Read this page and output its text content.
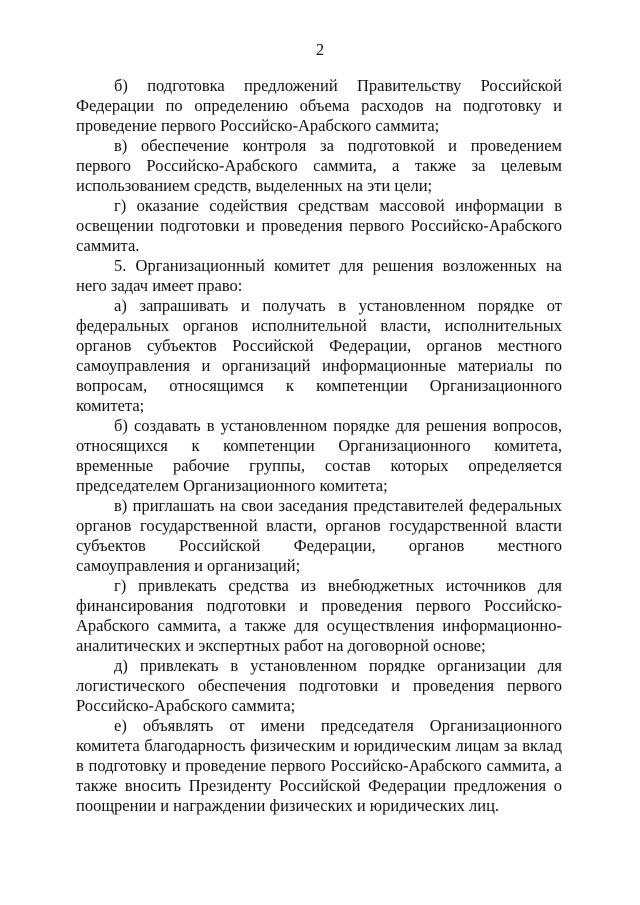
2

б) подготовка предложений Правительству Российской Федерации по определению объема расходов на подготовку и проведение первого Российско-Арабского саммита;

в) обеспечение контроля за подготовкой и проведением первого Российско-Арабского саммита, а также за целевым использованием средств, выделенных на эти цели;

г) оказание содействия средствам массовой информации в освещении подготовки и проведения первого Российско-Арабского саммита.

5. Организационный комитет для решения возложенных на него задач имеет право:

а) запрашивать и получать в установленном порядке от федеральных органов исполнительной власти, исполнительных органов субъектов Российской Федерации, органов местного самоуправления и организаций информационные материалы по вопросам, относящимся к компетенции Организационного комитета;

б) создавать в установленном порядке для решения вопросов, относящихся к компетенции Организационного комитета, временные рабочие группы, состав которых определяется председателем Организационного комитета;

в) приглашать на свои заседания представителей федеральных органов государственной власти, органов государственной власти субъектов Российской Федерации, органов местного самоуправления и организаций;

г) привлекать средства из внебюджетных источников для финансирования подготовки и проведения первого Российско-Арабского саммита, а также для осуществления информационно-аналитических и экспертных работ на договорной основе;

д) привлекать в установленном порядке организации для логистического обеспечения подготовки и проведения первого Российско-Арабского саммита;

е) объявлять от имени председателя Организационного комитета благодарность физическим и юридическим лицам за вклад в подготовку и проведение первого Российско-Арабского саммита, а также вносить Президенту Российской Федерации предложения о поощрении и награждении физических и юридических лиц.
